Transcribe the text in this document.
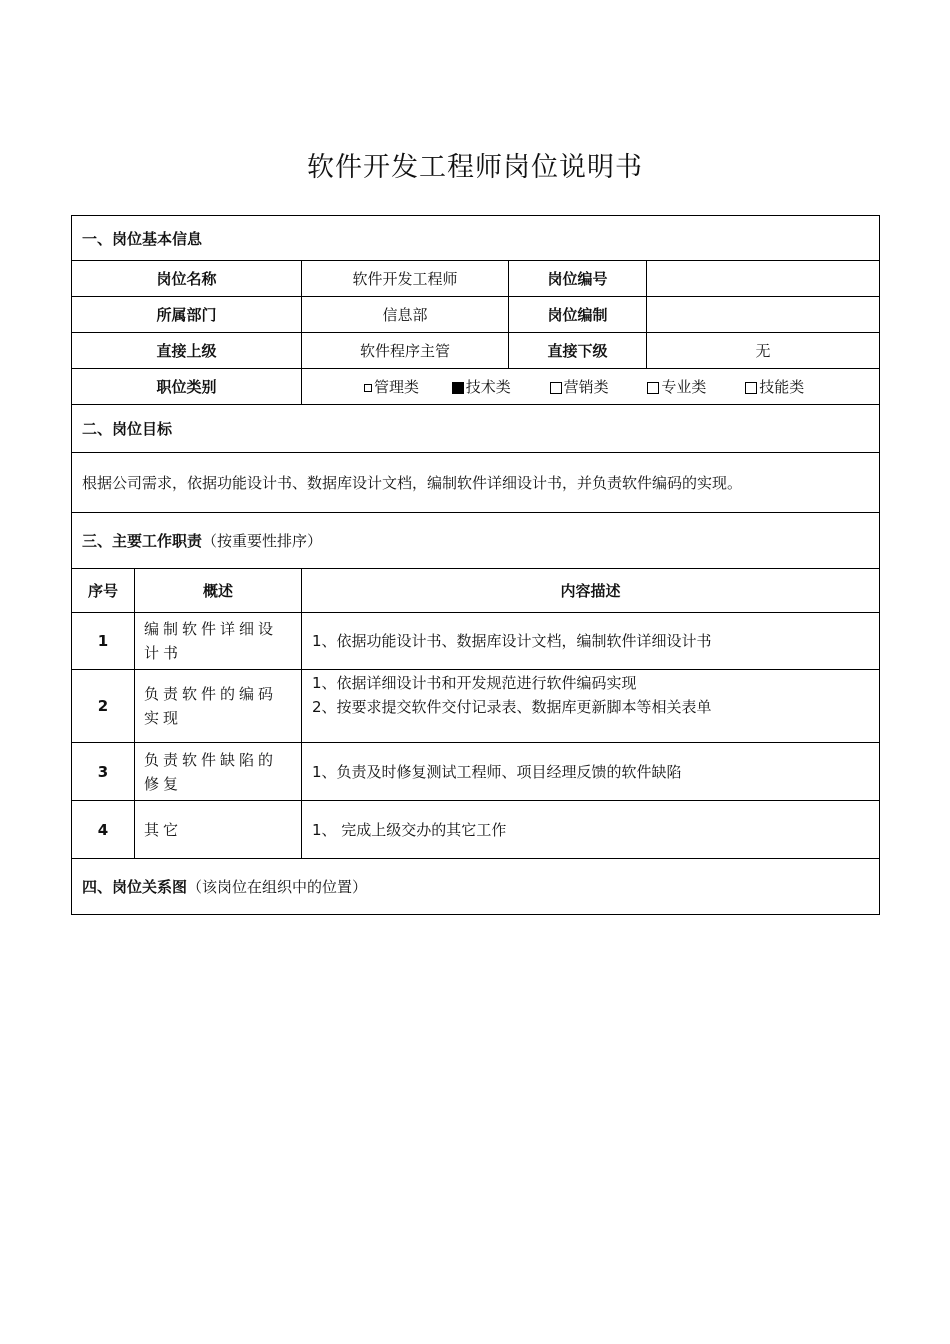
软件开发工程师岗位说明书
一、岗位基本信息				
岗位名称		软件开发工程师	岗位编号	
所属部门		信息部	岗位编制	
直接上级		软件程序主管	直接下级	无
职位类别		管理类 技术类 营销类 专业类 技能类		
二、岗位目标				
根据公司需求，依据功能设计书、数据库设计文档，编制软件详细设计书，并负责软件编码的实现。				
三、主要工作职责（按重要性排序）				
序号	概述	内容描述		
1	编制软件详细设计书	1、依据功能设计书、数据库设计文档，编制软件详细设计书		

2	负责软件的编码实现	1、依据详细设计书和开发规范进行软件编码实现
2、按要求提交软件交付记录表、数据库更新脚本等相关表单		

3	负责软件缺陷的修复	1、负责及时修复测试工程师、项目经理反馈的软件缺陷		

4	其它	1、 完成上级交办的其它工作		

四、岗位关系图（该岗位在组织中的位置）				
